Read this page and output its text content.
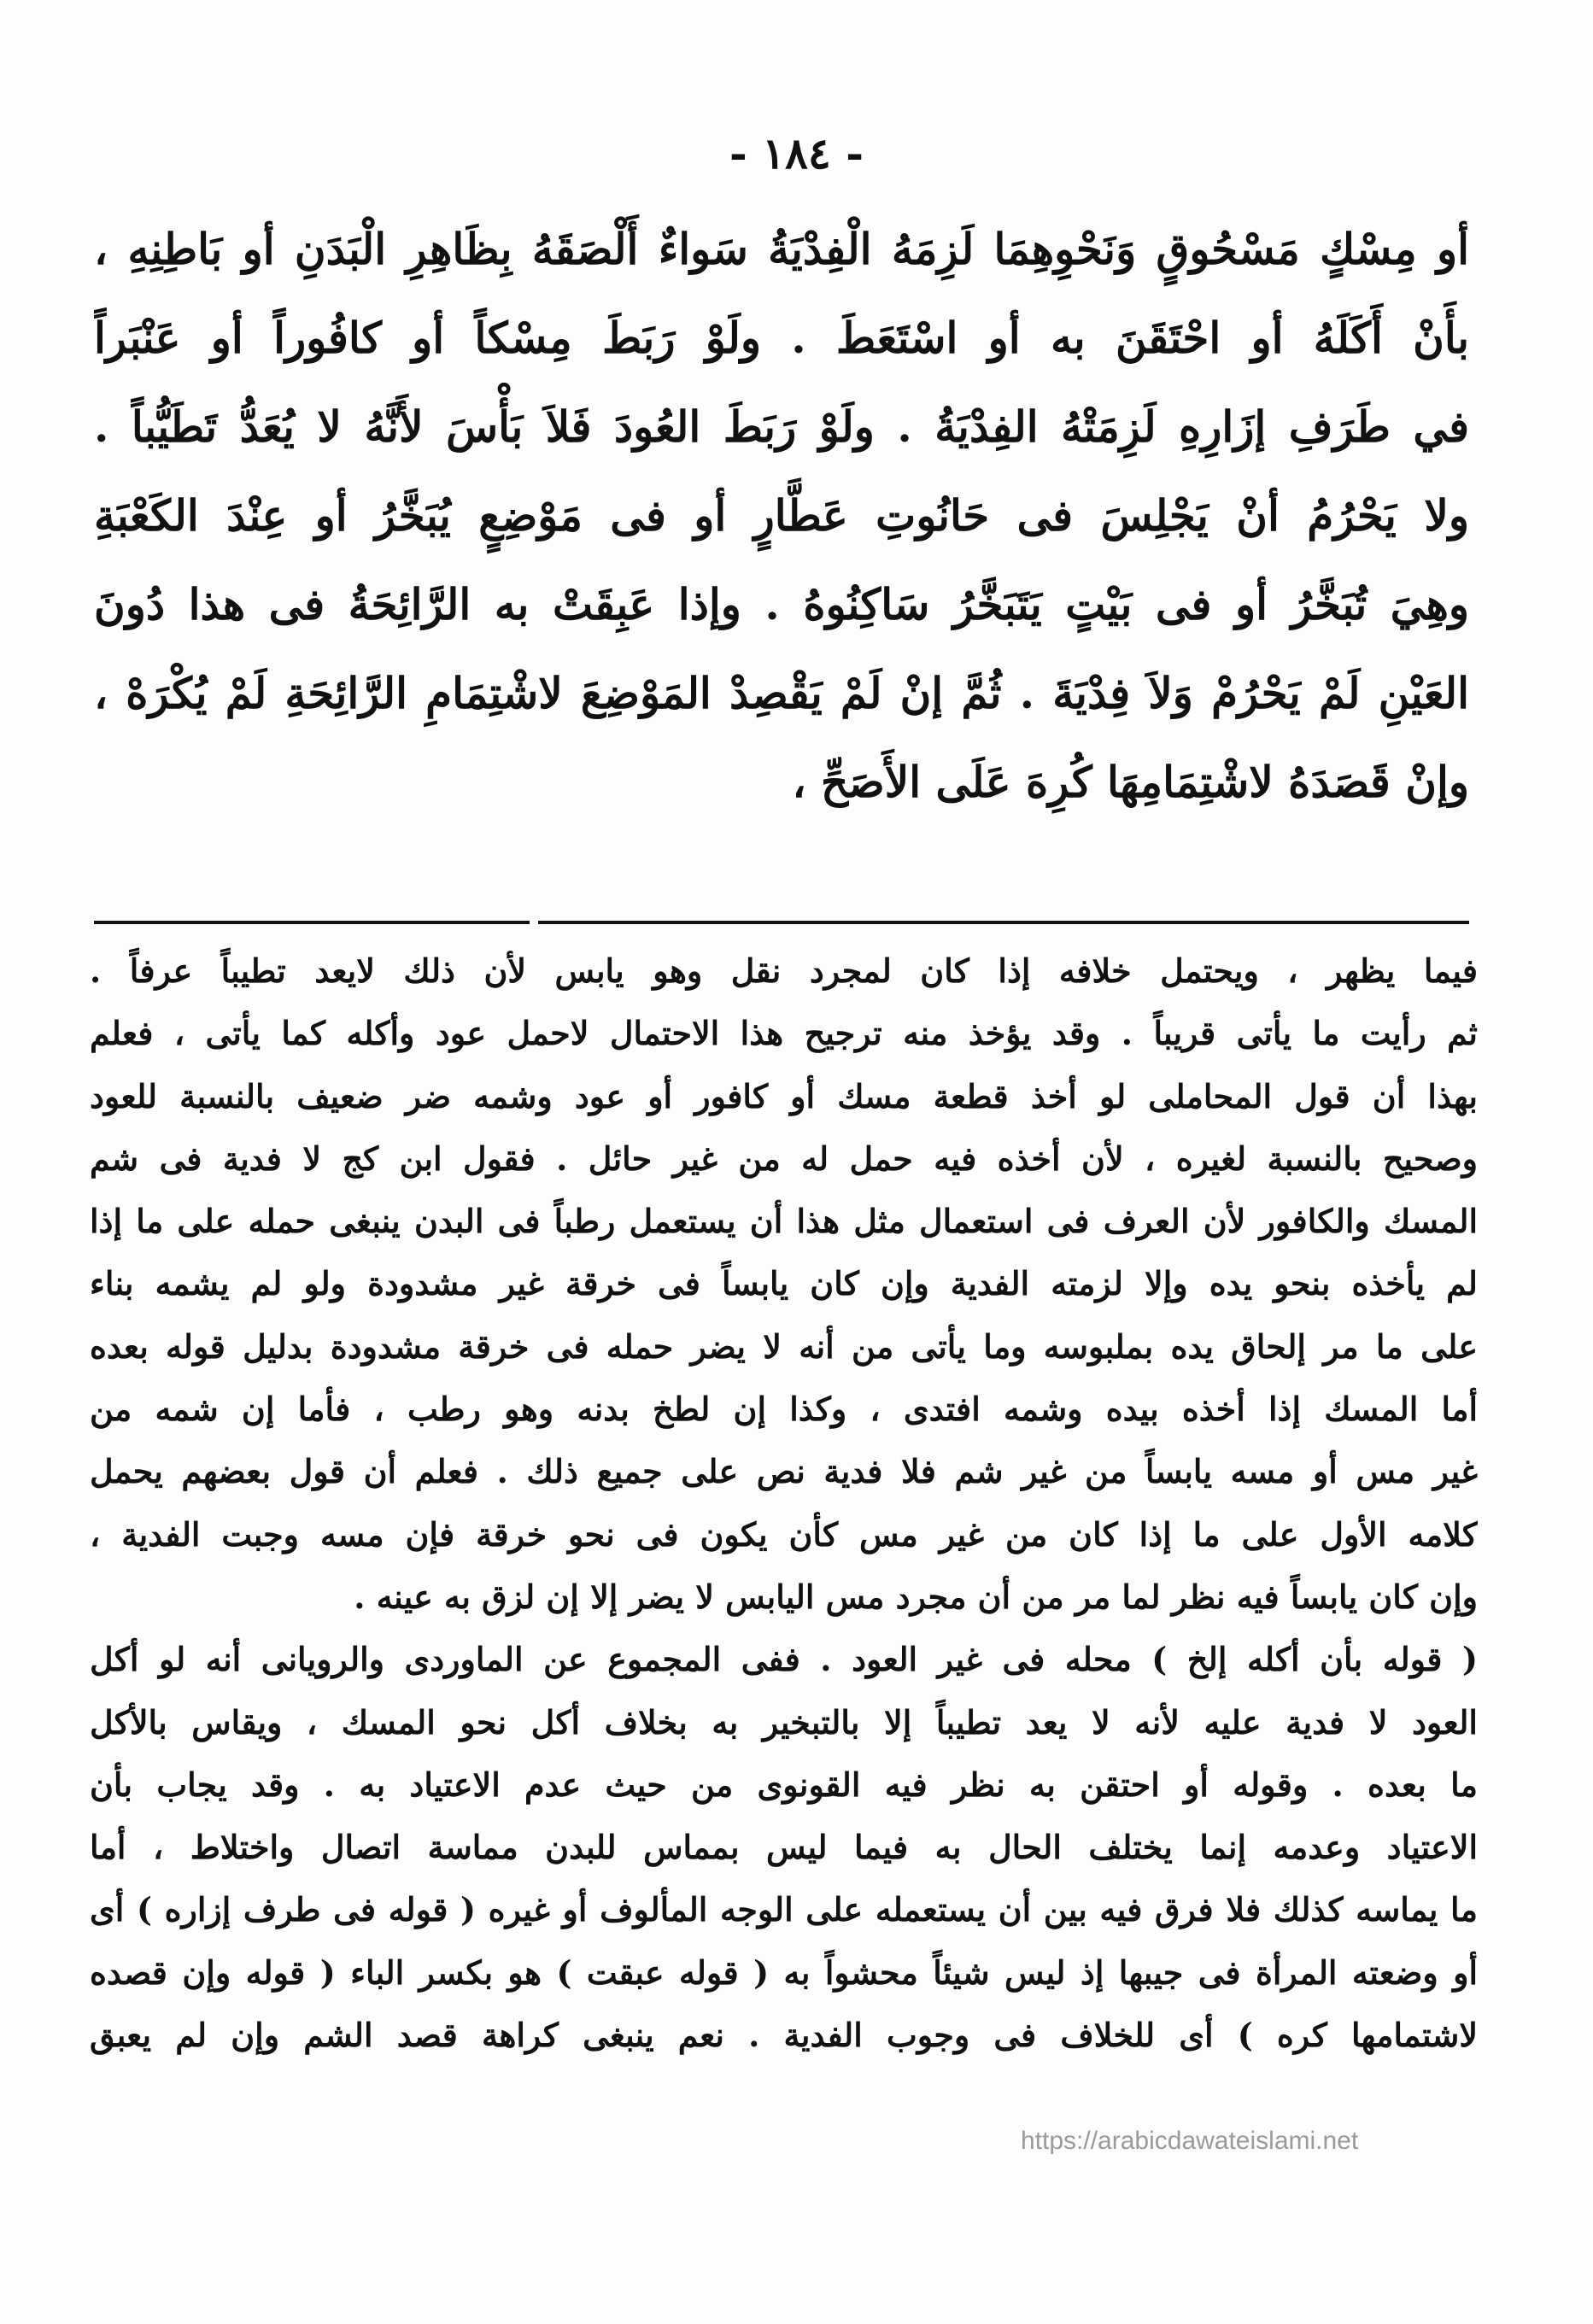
- ١٨٤ -
أو مِسْكٍ مَسْحُوقٍ وَنَحْوِهِمَا لَزِمَهُ الْفِدْيَةُ سَواءٌ أَلْصَقَهُ بِظَاهِرِ الْبَدَنِ أو بَاطِنِهِ ،
بأَنْ أَكَلَهُ أو احْتَقَنَ به أو اسْتَعَطَ . ولَوْ رَبَطَ مِسْكاً أو كافُوراً أو عَنْبَراً
في طَرَفِ إزَارِهِ لَزِمَتْهُ الفِدْيَةُ . ولَوْ رَبَطَ العُودَ فَلاَ بَأْسَ لأَنَّهُ لا يُعَدُّ تَطَيُّباً .
ولا يَحْرُمُ أنْ يَجْلِسَ فى حَانُوتِ عَطَّارٍ أو فى مَوْضِعٍ يُبَخَّرُ أو عِنْدَ الكَعْبَةِ
وهِيَ تُبَخَّرُ أو فى بَيْتٍ يَتَبَخَّرُ سَاكِنُوهُ . وإذا عَبِقَتْ به الرَّائِحَةُ فى هذا دُونَ
العَيْنِ لَمْ يَحْرُمْ وَلاَ فِدْيَةَ . ثُمَّ إنْ لَمْ يَقْصِدْ المَوْضِعَ لاشْتِمَامِ الرَّائِحَةِ لَمْ يُكْرَهْ ،
وإنْ قَصَدَهُ لاشْتِمَامِهَا كُرِهَ عَلَى الأَصَحِّ ،
فيما يظهر ، ويحتمل خلافه إذا كان لمجرد نقل وهو يابس لأن ذلك لايعد تطيباً عرفاً .
ثم رأيت ما يأتى قريباً . وقد يؤخذ منه ترجيح هذا الاحتمال لاحمل عود وأكله كما يأتى ، فعلم
بهذا أن قول المحاملى لو أخذ قطعة مسك أو كافور أو عود وشمه ضر ضعيف بالنسبة للعود
وصحيح بالنسبة لغيره ، لأن أخذه فيه حمل له من غير حائل . فقول ابن كج لا فدية فى شم
المسك والكافور لأن العرف فى استعمال مثل هذا أن يستعمل رطباً فى البدن ينبغى حمله على ما إذا
لم يأخذه بنحو يده وإلا لزمته الفدية وإن كان يابساً فى خرقة غير مشدودة ولو لم يشمه بناء
على ما مر إلحاق يده بملبوسه وما يأتى من أنه لا يضر حمله فى خرقة مشدودة بدليل قوله بعده
أما المسك إذا أخذه بيده وشمه افتدى ، وكذا إن لطخ بدنه وهو رطب ، فأما إن شمه من
غير مس أو مسه يابساً من غير شم فلا فدية نص على جميع ذلك . فعلم أن قول بعضهم يحمل
كلامه الأول على ما إذا كان من غير مس كأن يكون فى نحو خرقة فإن مسه وجبت الفدية ،
وإن كان يابساً فيه نظر لما مر من أن مجرد مس اليابس لا يضر إلا إن لزق به عينه .
( قوله بأن أكله إلخ ) محله فى غير العود . ففى المجموع عن الماوردى والرويانى أنه لو أكل
العود لا فدية عليه لأنه لا يعد تطيباً إلا بالتبخير به بخلاف أكل نحو المسك ، ويقاس بالأكل
ما بعده . وقوله أو احتقن به نظر فيه القونوى من حيث عدم الاعتياد به . وقد يجاب بأن
الاعتياد وعدمه إنما يختلف الحال به فيما ليس بمماس للبدن مماسة اتصال واختلاط ، أما
ما يماسه كذلك فلا فرق فيه بين أن يستعمله على الوجه المألوف أو غيره ( قوله فى طرف إزاره ) أى
أو وضعته المرأة فى جيبها إذ ليس شيئاً محشواً به ( قوله عبقت ) هو بكسر الباء ( قوله وإن قصده
لاشتمامها كره ) أى للخلاف فى وجوب الفدية . نعم ينبغى كراهة قصد الشم وإن لم يعبق
https://arabicdawateislami.net
